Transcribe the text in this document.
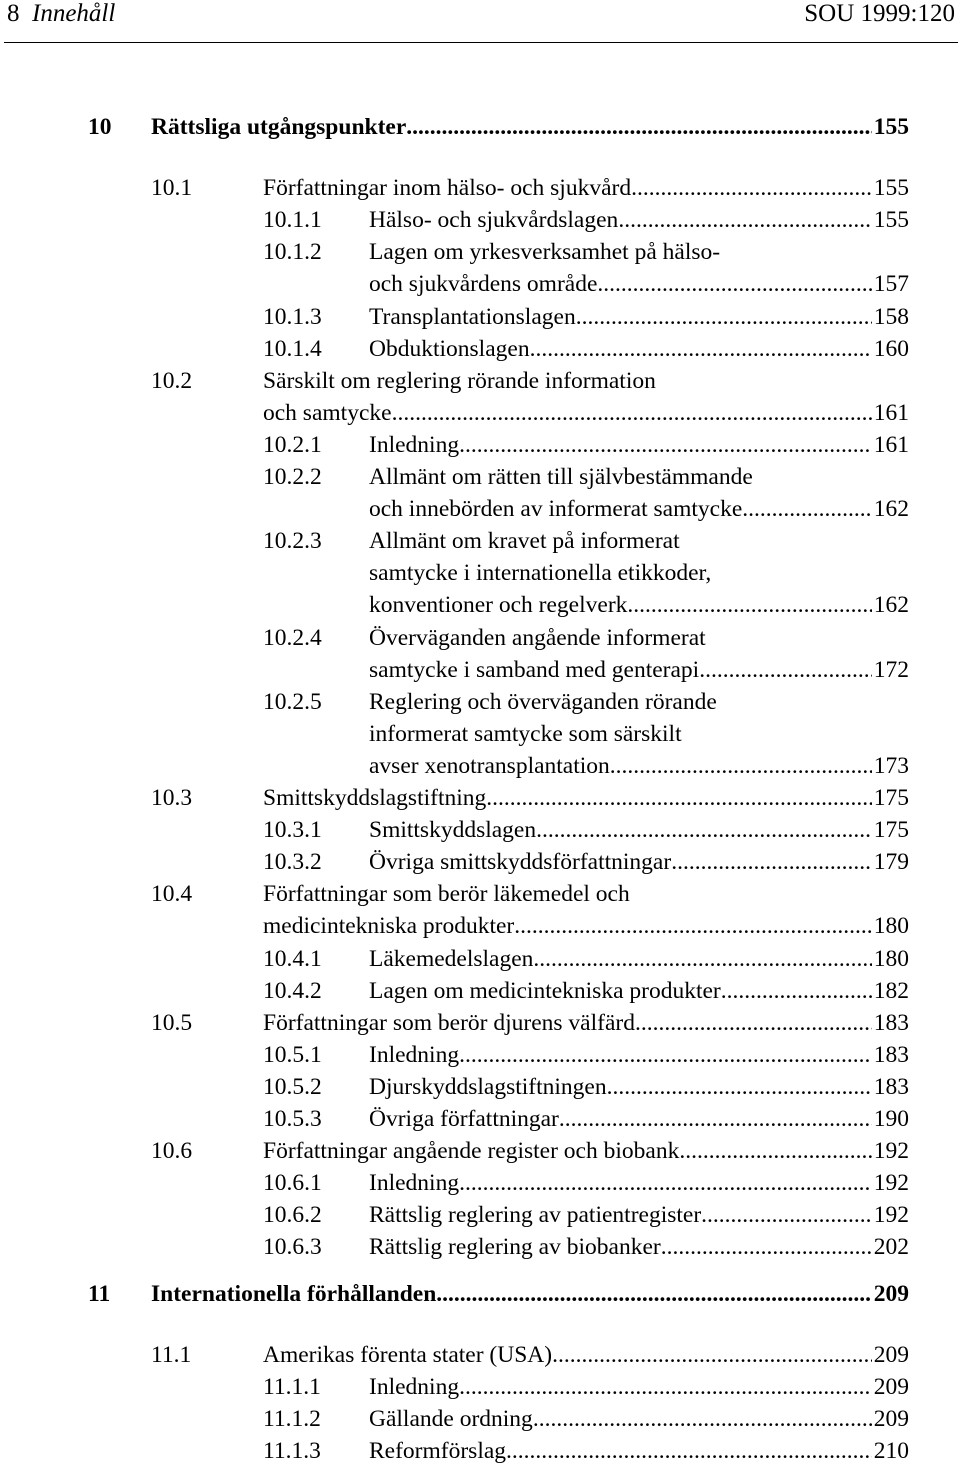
8 Innehåll	SOU 1999:120
10 Rättsliga utgångspunkter .....	155
10.1	Författningar inom hälso- och sjukvård .....	155
10.1.1 Hälso- och sjukvårdslagen .....	155
10.1.2 Lagen om yrkesverksamhet på hälso-
och sjukvårdens område .....	157
10.1.3 Transplantationslagen .....	158
10.1.4 Obduktionslagen .....	160
10.2	Särskilt om reglering rörande information
och samtycke .....	161
10.2.1 Inledning .....	161
10.2.2 Allmänt om rätten till självbestämmande
och innebörden av informerat samtycke .....	162
10.2.3 Allmänt om kravet på informerat
samtycke i internationella etikkoder,
konventioner och regelverk .....	162
10.2.4 Överväganden angående informerat
samtycke i samband med genterapi .....	172
10.2.5 Reglering och överväganden rörande
informerat samtycke som särskilt
avser xenotransplantation .....	173
10.3	Smittskyddslagstiftning .....	175
10.3.1 Smittskyddslagen .....	175
10.3.2 Övriga smittskyddsförfattningar .....	179
10.4	Författningar som berör läkemedel och
medicintekniska produkter .....	180
10.4.1 Läkemedelslagen .....	180
10.4.2 Lagen om medicintekniska produkter .....	182
10.5	Författningar som berör djurens välfärd .....	183
10.5.1 Inledning .....	183
10.5.2 Djurskyddslagstiftningen .....	183
10.5.3 Övriga författningar .....	190
10.6	Författningar angående register och biobank .....	192
10.6.1 Inledning .....	192
10.6.2 Rättslig reglering av patientregister .....	192
10.6.3 Rättslig reglering av biobanker .....	202
11 Internationella förhållanden .....	209
11.1	Amerikas förenta stater (USA) .....	209
11.1.1 Inledning .....	209
11.1.2 Gällande ordning .....	209
11.1.3 Reformförslag .....	210
